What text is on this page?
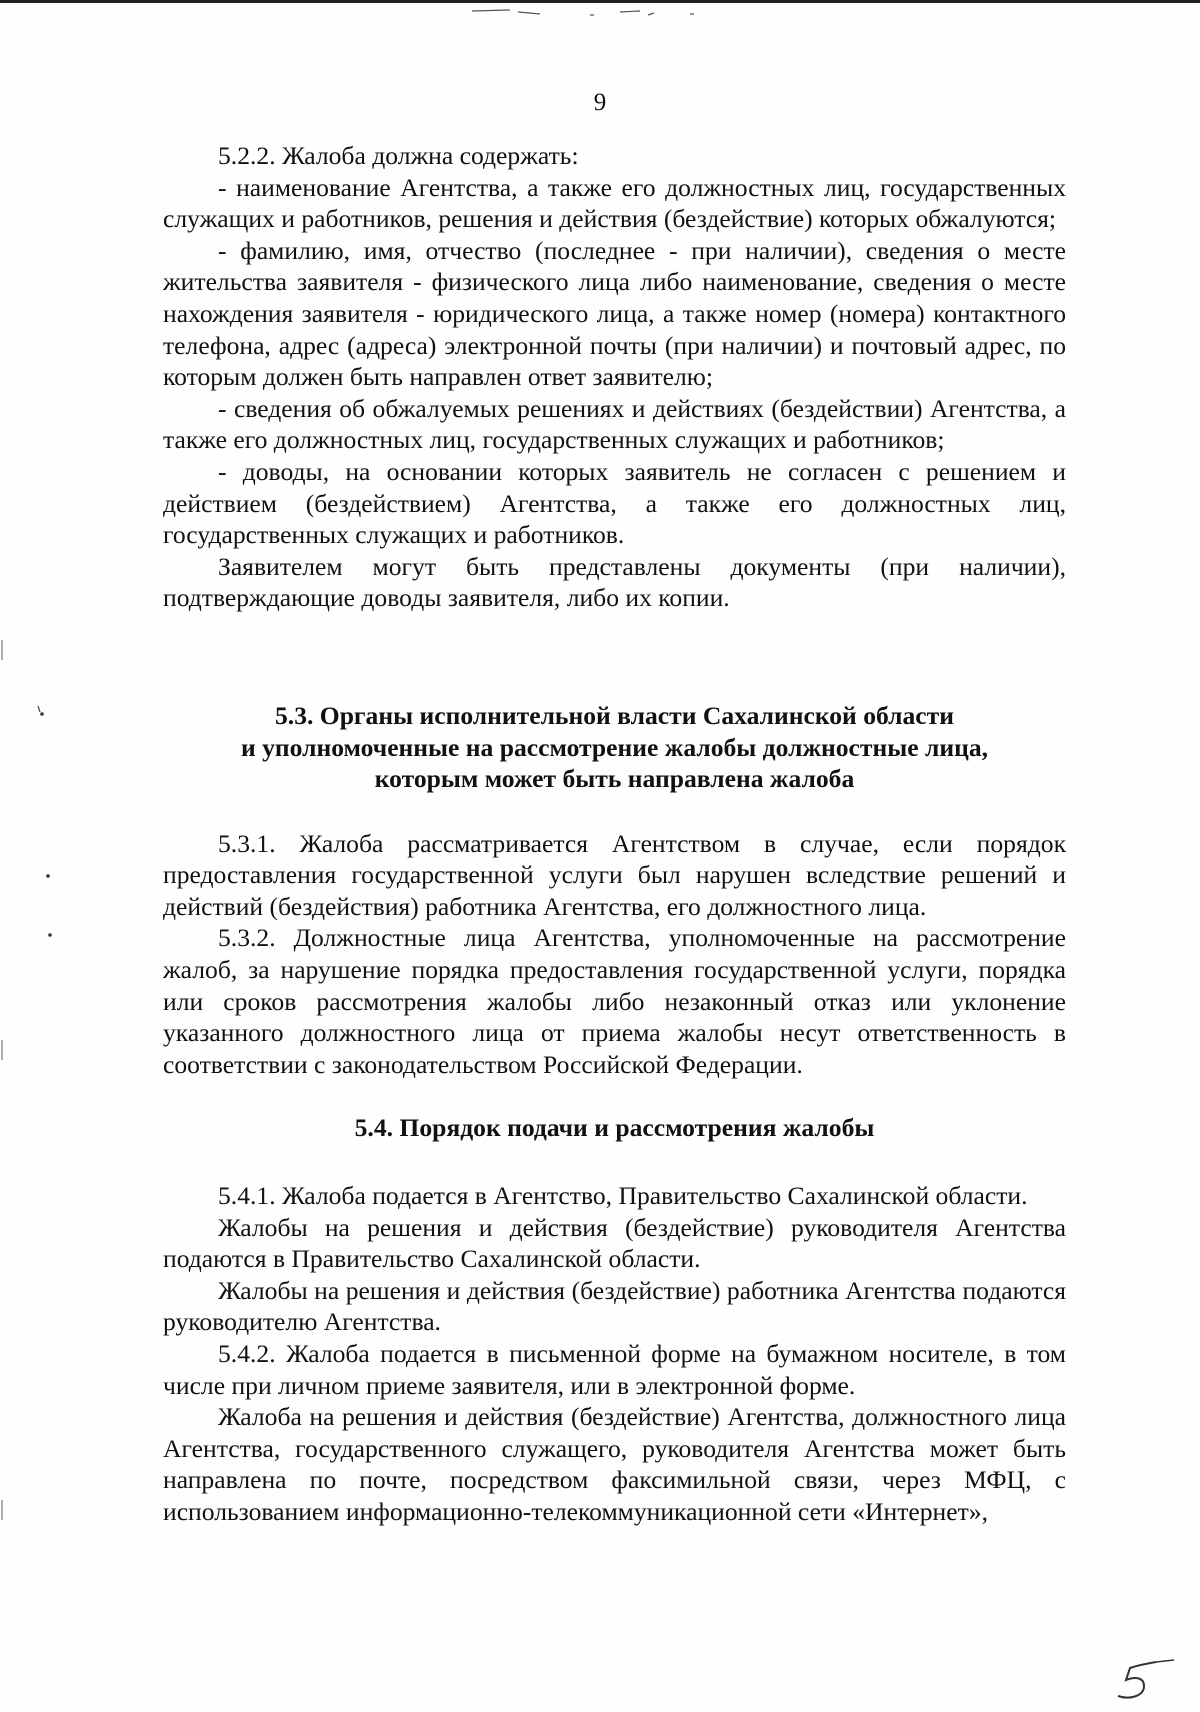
9

5.2.2. Жалоба должна содержать:

- наименование Агентства, а также его должностных лиц, государственных служащих и работников, решения и действия (бездействие) которых обжалуются;

- фамилию, имя, отчество (последнее - при наличии), сведения о месте жительства заявителя - физического лица либо наименование, сведения о месте нахождения заявителя - юридического лица, а также номер (номера) контактного телефона, адрес (адреса) электронной почты (при наличии) и почтовый адрес, по которым должен быть направлен ответ заявителю;

- сведения об обжалуемых решениях и действиях (бездействии) Агентства, а также его должностных лиц, государственных служащих и работников;

- доводы, на основании которых заявитель не согласен с решением и действием (бездействием) Агентства, а также его должностных лиц, государственных служащих и работников.

Заявителем могут быть представлены документы (при наличии), подтверждающие доводы заявителя, либо их копии.

5.3. Органы исполнительной власти Сахалинской области
и уполномоченные на рассмотрение жалобы должностные лица,
которым может быть направлена жалоба

5.3.1. Жалоба рассматривается Агентством в случае, если порядок предоставления государственной услуги был нарушен вследствие решений и действий (бездействия) работника Агентства, его должностного лица.

5.3.2. Должностные лица Агентства, уполномоченные на рассмотрение жалоб, за нарушение порядка предоставления государственной услуги, порядка или сроков рассмотрения жалобы либо незаконный отказ или уклонение указанного должностного лица от приема жалобы несут ответственность в соответствии с законодательством Российской Федерации.

5.4. Порядок подачи и рассмотрения жалобы

5.4.1. Жалоба подается в Агентство, Правительство Сахалинской области.

Жалобы на решения и действия (бездействие) руководителя Агентства подаются в Правительство Сахалинской области.

Жалобы на решения и действия (бездействие) работника Агентства подаются руководителю Агентства.

5.4.2. Жалоба подается в письменной форме на бумажном носителе, в том числе при личном приеме заявителя, или в электронной форме.

Жалоба на решения и действия (бездействие) Агентства, должностного лица Агентства, государственного служащего, руководителя Агентства может быть направлена по почте, посредством факсимильной связи, через МФЦ, с использованием информационно-телекоммуникационной сети «Интернет»,
